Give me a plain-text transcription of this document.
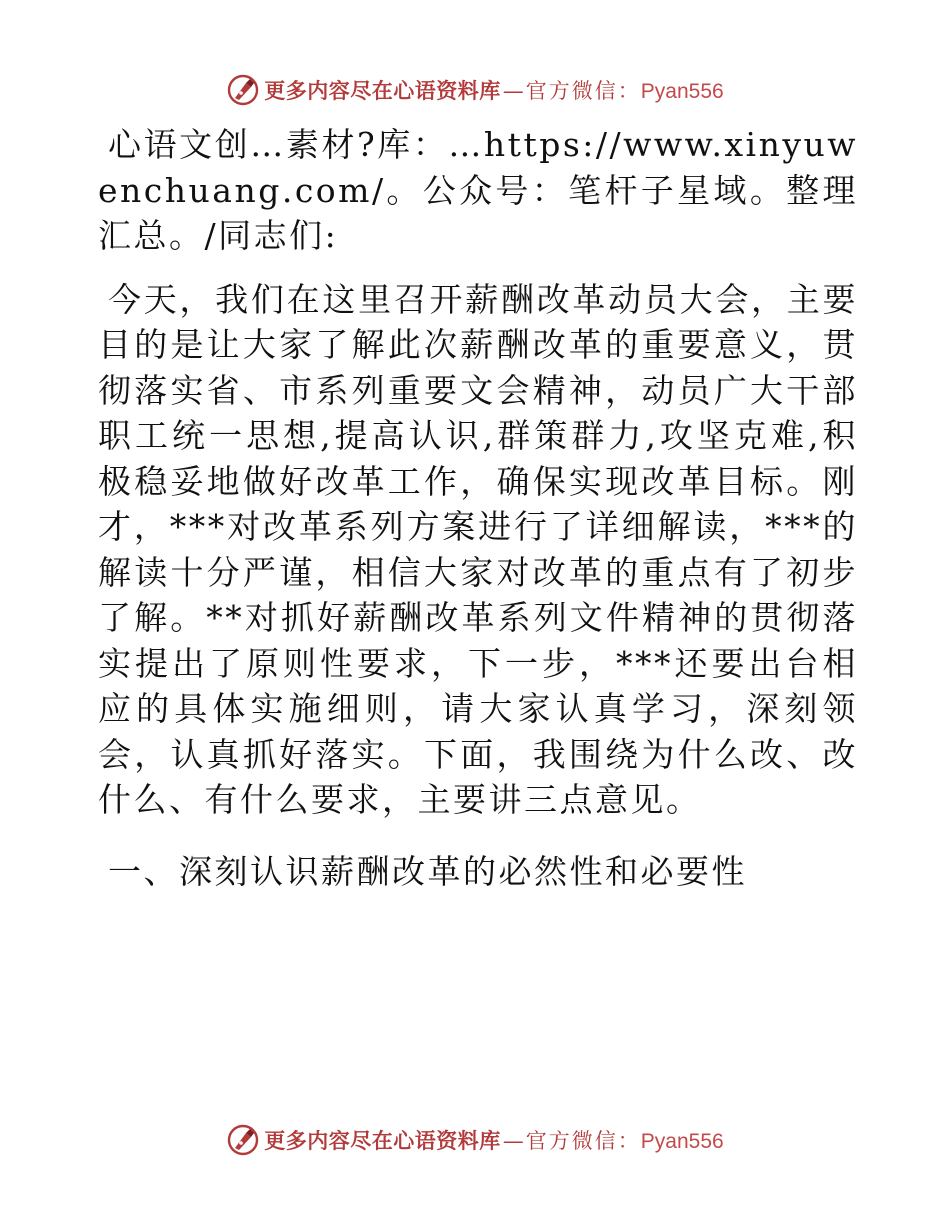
更多内容尽在心语资料库 — 官方微信： Pyan556

心语文创…素材?库：…https://www.xinyuwenchuang.com/。公众号：笔杆子星域。整理汇总。/同志们:

今天，我们在这里召开薪酬改革动员大会，主要目的是让大家了解此次薪酬改革的重要意义，贯彻落实省、市系列重要文会精神，动员广大干部职工统一思想,提高认识,群策群力,攻坚克难,积极稳妥地做好改革工作，确保实现改革目标。刚才，***对改革系列方案进行了详细解读，***的解读十分严谨，相信大家对改革的重点有了初步了解。**对抓好薪酬改革系列文件精神的贯彻落实提出了原则性要求，下一步，***还要出台相应的具体实施细则，请大家认真学习，深刻领会，认真抓好落实。下面，我围绕为什么改、改什么、有什么要求，主要讲三点意见。

一、深刻认识薪酬改革的必然性和必要性
更多内容尽在心语资料库 — 官方微信： Pyan556
